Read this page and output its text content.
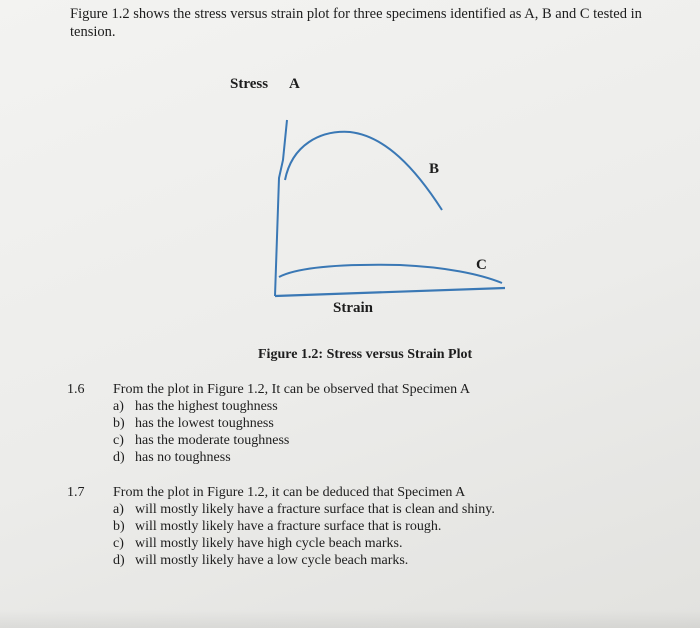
Figure 1.2 shows the stress versus strain plot for three specimens identified as A, B and C tested in tension.
Stress A
B
C
Strain
Figure 1.2: Stress versus Strain Plot
1.6	From the plot in Figure 1.2, It can be observed that Specimen A
a) has the highest toughness
b) has the lowest toughness
c) has the moderate toughness
d) has no toughness
1.7	From the plot in Figure 1.2, it can be deduced that Specimen A
a) will mostly likely have a fracture surface that is clean and shiny.
b) will mostly likely have a fracture surface that is rough.
c) will mostly likely have high cycle beach marks.
d) will mostly likely have a low cycle beach marks.
